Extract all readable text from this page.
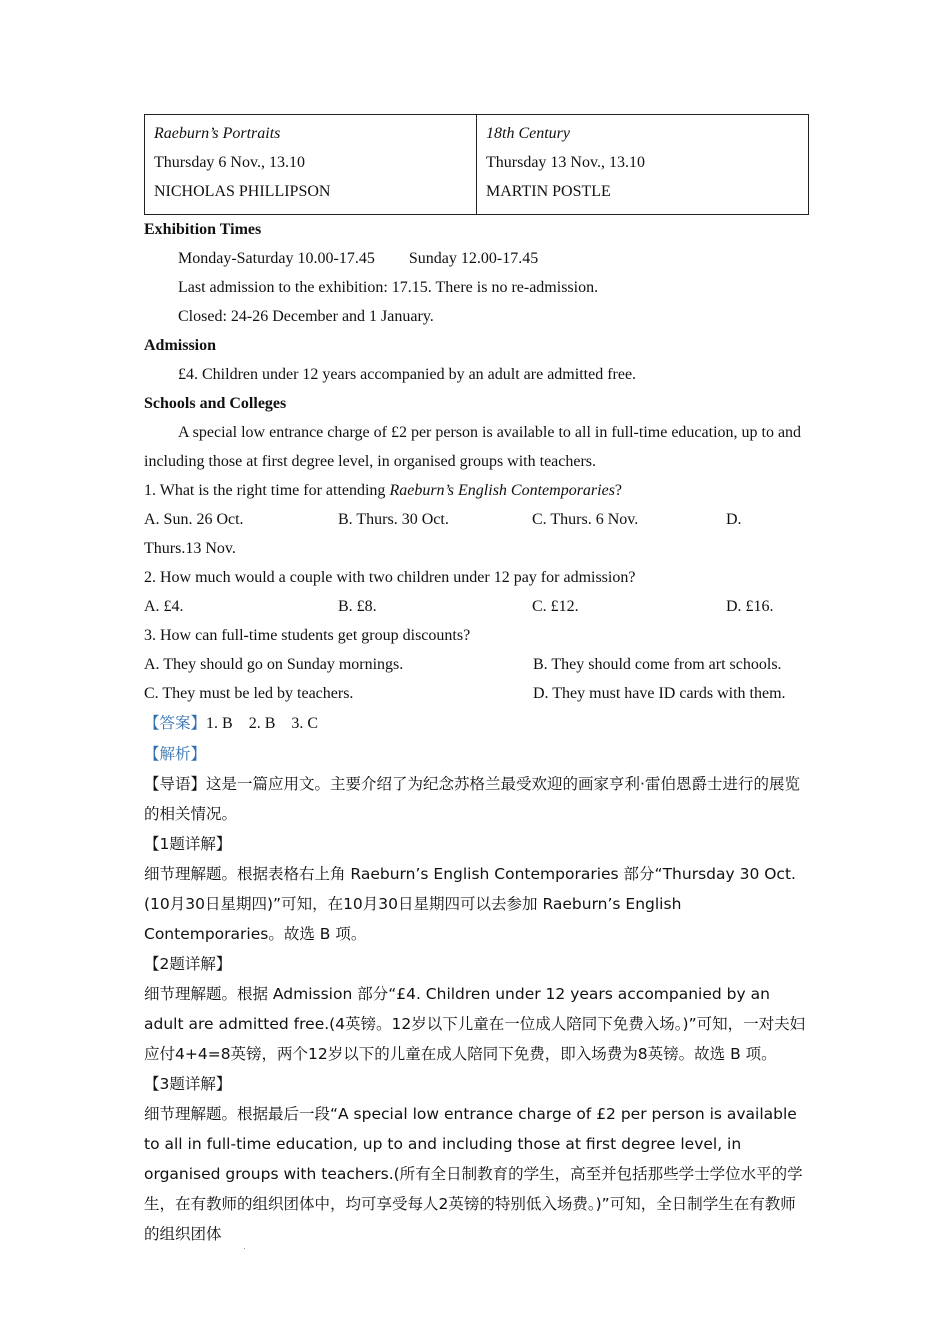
Raeburn’s Portraits
Thursday 6 Nov., 13.10
NICHOLAS PHILLIPSON

18th Century
Thursday 13 Nov., 13.10
MARTIN POSTLE
Exhibition Times
Monday-Saturday 10.00-17.45 Sunday 12.00-17.45
Last admission to the exhibition: 17.15. There is no re-admission.
Closed: 24-26 December and 1 January.
Admission
£4. Children under 12 years accompanied by an adult are admitted free.
Schools and Colleges
A special low entrance charge of £2 per person is available to all in full-time education, up to and including those at first degree level, in organised groups with teachers.
1. What is the right time for attending Raeburn’s English Contemporaries?
A. Sun. 26 Oct.	B. Thurs. 30 Oct.	C. Thurs. 6 Nov.	D.
Thurs.13 Nov.
2. How much would a couple with two children under 12 pay for admission?
A. £4.	B. £8.	C. £12.	D. £16.
3. How can full-time students get group discounts?
A. They should go on Sunday mornings.	B. They should come from art schools.
C. They must be led by teachers.	D. They must have ID cards with them.
【答案】1. B    2. B    3. C
【解析】
【导语】这是一篇应用文。主要介绍了为纪念苏格兰最受欢迎的画家亨利·雷伯恩爵士进行的展览的相关情况。
【1题详解】
细节理解题。根据表格右上角 Raeburn’s English Contemporaries 部分“Thursday 30 Oct. (10月30日星期四)”可知，在10月30日星期四可以去参加 Raeburn’s English Contemporaries。故选 B 项。
【2题详解】
细节理解题。根据 Admission 部分“£4. Children under 12 years accompanied by an adult are admitted free.(4英镑。12岁以下儿童在一位成人陪同下免费入场。)”可知，一对夫妇应付4+4=8英镑，两个12岁以下的儿童在成人陪同下免费，即入场费为8英镑。故选 B 项。
【3题详解】
细节理解题。根据最后一段“A special low entrance charge of £2 per person is available to all in full-time education, up to and including those at first degree level, in organised groups with teachers.(所有全日制教育的学生，高至并包括那些学士学位水平的学生，在有教师的组织团体中，均可享受每人2英镑的特别低入场费。)”可知，全日制学生在有教师的组织团体
